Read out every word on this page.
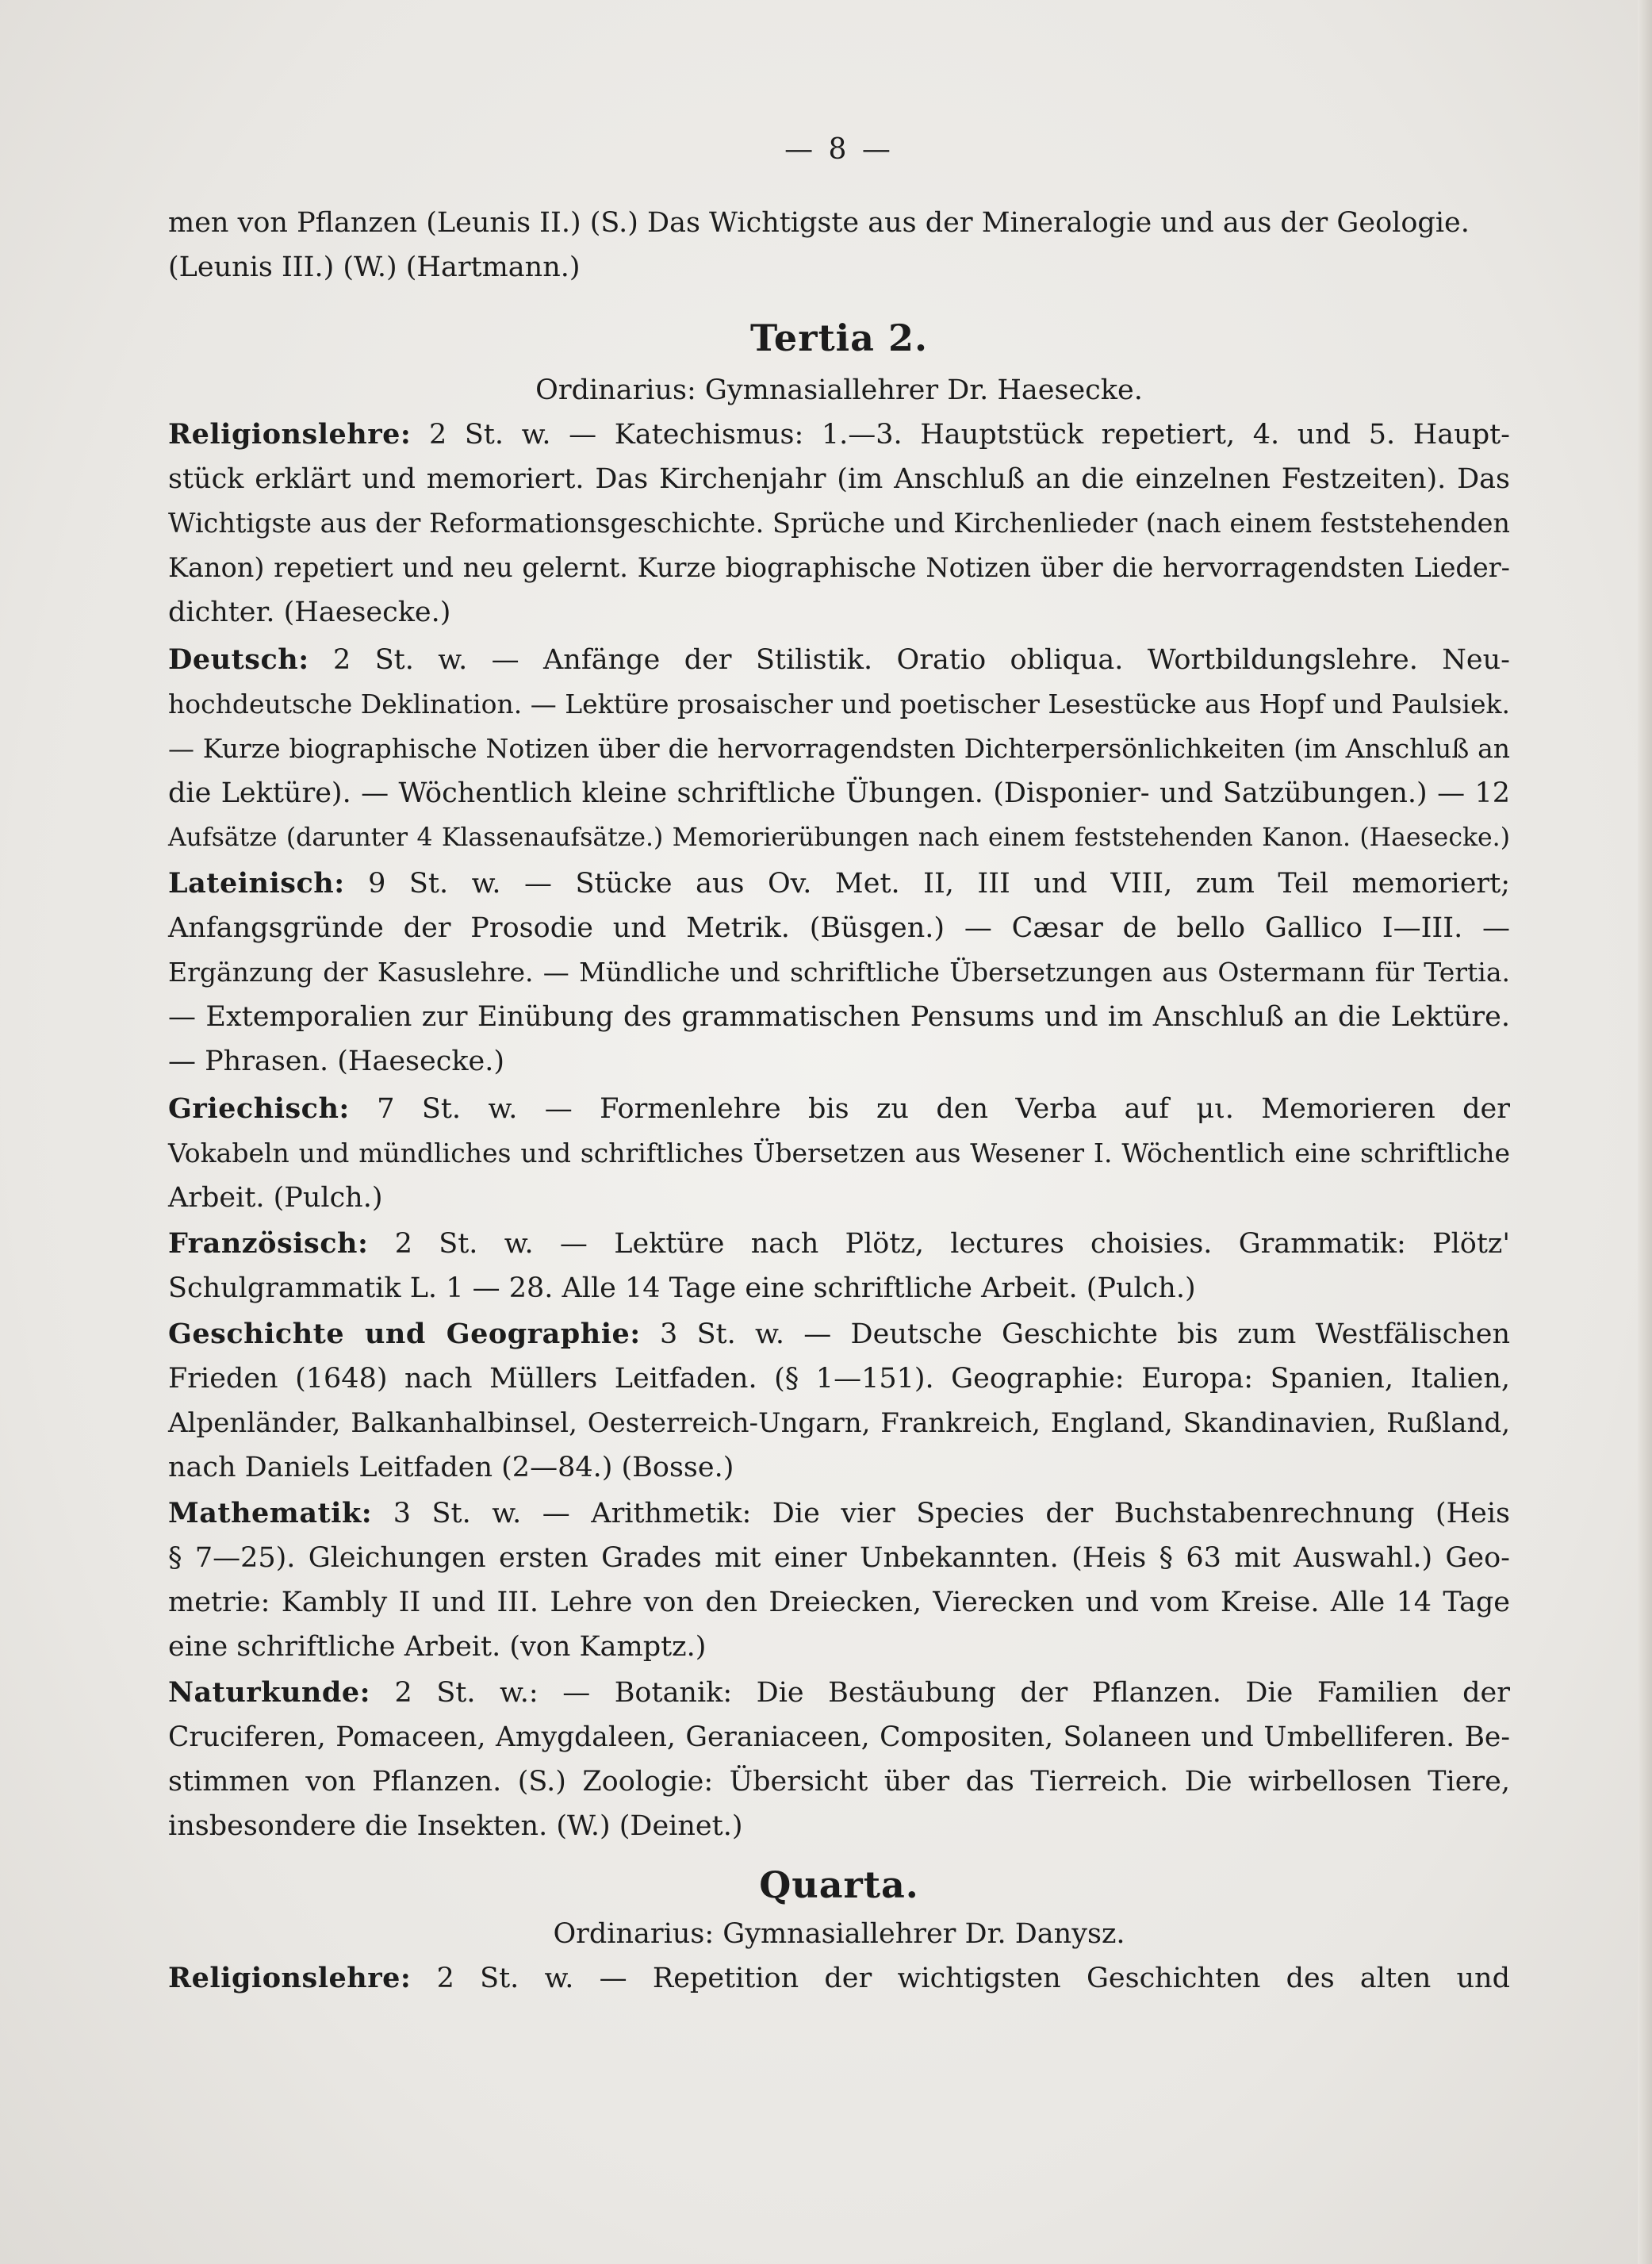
— 8 —
men von Pflanzen (Leunis II.) (S.) Das Wichtigste aus der Mineralogie und aus der Geologie.
(Leunis III.) (W.) (Hartmann.)
Tertia 2.
Ordinarius: Gymnasiallehrer Dr. Haesecke.
Religionslehre: 2 St. w. — Katechismus: 1.—3. Hauptstück repetiert, 4. und 5. Haupt-
stück erklärt und memoriert. Das Kirchenjahr (im Anschluß an die einzelnen Festzeiten). Das
Wichtigste aus der Reformationsgeschichte. Sprüche und Kirchenlieder (nach einem feststehenden
Kanon) repetiert und neu gelernt. Kurze biographische Notizen über die hervorragendsten Lieder-
dichter. (Haesecke.)
Deutsch: 2 St. w. — Anfänge der Stilistik. Oratio obliqua. Wortbildungslehre. Neu-
hochdeutsche Deklination. — Lektüre prosaischer und poetischer Lesestücke aus Hopf und Paulsiek.
— Kurze biographische Notizen über die hervorragendsten Dichterpersönlichkeiten (im Anschluß an
die Lektüre). — Wöchentlich kleine schriftliche Übungen. (Disponier- und Satzübungen.) — 12
Aufsätze (darunter 4 Klassenaufsätze.) Memorierübungen nach einem feststehenden Kanon. (Haesecke.)
Lateinisch: 9 St. w. — Stücke aus Ov. Met. II, III und VIII, zum Teil memoriert;
Anfangsgründe der Prosodie und Metrik. (Büsgen.) — Cæsar de bello Gallico I—III. —
Ergänzung der Kasuslehre. — Mündliche und schriftliche Übersetzungen aus Ostermann für Tertia.
— Extemporalien zur Einübung des grammatischen Pensums und im Anschluß an die Lektüre.
— Phrasen. (Haesecke.)
Griechisch: 7 St. w. — Formenlehre bis zu den Verba auf μι. Memorieren der
Vokabeln und mündliches und schriftliches Übersetzen aus Wesener I. Wöchentlich eine schriftliche
Arbeit. (Pulch.)
Französisch: 2 St. w. — Lektüre nach Plötz, lectures choisies. Grammatik: Plötz'
Schulgrammatik L. 1 — 28. Alle 14 Tage eine schriftliche Arbeit. (Pulch.)
Geschichte und Geographie: 3 St. w. — Deutsche Geschichte bis zum Westfälischen
Frieden (1648) nach Müllers Leitfaden. (§ 1—151). Geographie: Europa: Spanien, Italien,
Alpenländer, Balkanhalbinsel, Oesterreich-Ungarn, Frankreich, England, Skandinavien, Rußland,
nach Daniels Leitfaden (2—84.) (Bosse.)
Mathematik: 3 St. w. — Arithmetik: Die vier Species der Buchstabenrechnung (Heis
§ 7—25). Gleichungen ersten Grades mit einer Unbekannten. (Heis § 63 mit Auswahl.) Geo-
metrie: Kambly II und III. Lehre von den Dreiecken, Vierecken und vom Kreise. Alle 14 Tage
eine schriftliche Arbeit. (von Kamptz.)
Naturkunde: 2 St. w.: — Botanik: Die Bestäubung der Pflanzen. Die Familien der
Cruciferen, Pomaceen, Amygdaleen, Geraniaceen, Compositen, Solaneen und Umbelliferen. Be-
stimmen von Pflanzen. (S.) Zoologie: Übersicht über das Tierreich. Die wirbellosen Tiere,
insbesondere die Insekten. (W.) (Deinet.)
Quarta.
Ordinarius: Gymnasiallehrer Dr. Danysz.
Religionslehre: 2 St. w. — Repetition der wichtigsten Geschichten des alten und
